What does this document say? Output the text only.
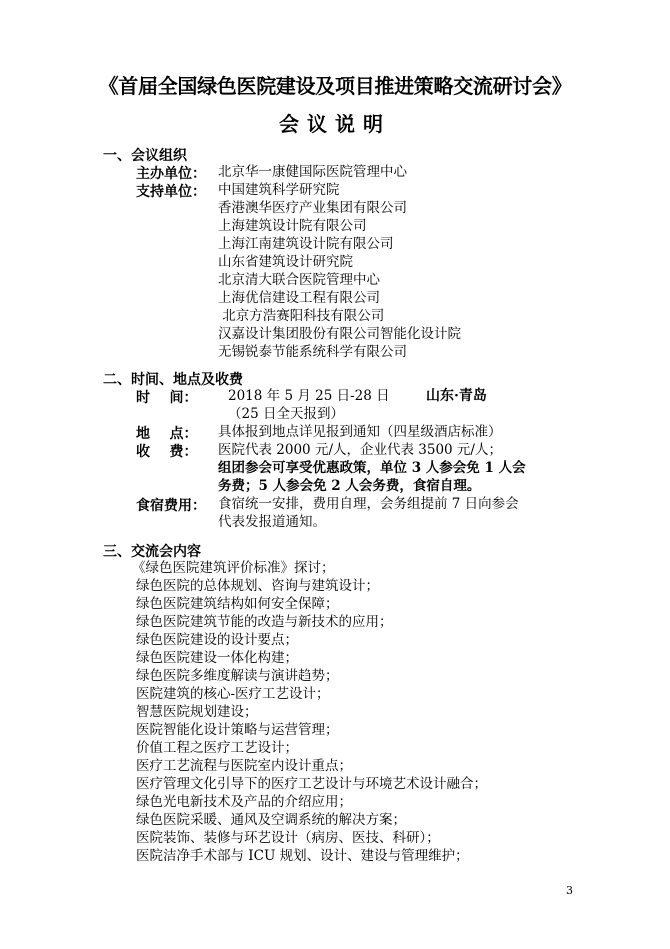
《首届全国绿色医院建设及项目推进策略交流研讨会》
会议说明
一、会议组织
主办单位： 北京华一康健国际医院管理中心
支持单位： 中国建筑科学研究院
香港澳华医疗产业集团有限公司
上海建筑设计院有限公司
上海江南建筑设计院有限公司
山东省建筑设计研究院
北京清大联合医院管理中心
上海优信建设工程有限公司
北京方浩赛阳科技有限公司
汉嘉设计集团股份有限公司智能化设计院
无锡锐泰节能系统科学有限公司
二、时间、地点及收费
时    间： 2018 年 5 月 25 日-28 日	山东·青岛
（25 日全天报到）
地    点： 具体报到地点详见报到通知（四星级酒店标准）
收    费： 医院代表 2000 元/人，企业代表 3500 元/人；
组团参会可享受优惠政策，单位 3 人参会免 1 人会
务费；5 人参会免 2 人会务费，食宿自理。
食宿费用： 食宿统一安排，费用自理，会务组提前 7 日向参会
代表发报道通知。
三、交流会内容
《绿色医院建筑评价标准》探讨；
绿色医院的总体规划、咨询与建筑设计；
绿色医院建筑结构如何安全保障；
绿色医院建筑节能的改造与新技术的应用；
绿色医院建设的设计要点；
绿色医院建设一体化构建；
绿色医院多维度解读与演讲趋势；
医院建筑的核心-医疗工艺设计；
智慧医院规划建设；
医院智能化设计策略与运营管理；
价值工程之医疗工艺设计；
医疗工艺流程与医院室内设计重点；
医疗管理文化引导下的医疗工艺设计与环境艺术设计融合；
绿色光电新技术及产品的介绍应用；
绿色医院采暖、通风及空调系统的解决方案；
医院装饰、装修与环艺设计（病房、医技、科研）；
医院洁净手术部与 ICU 规划、设计、建设与管理维护；
3
